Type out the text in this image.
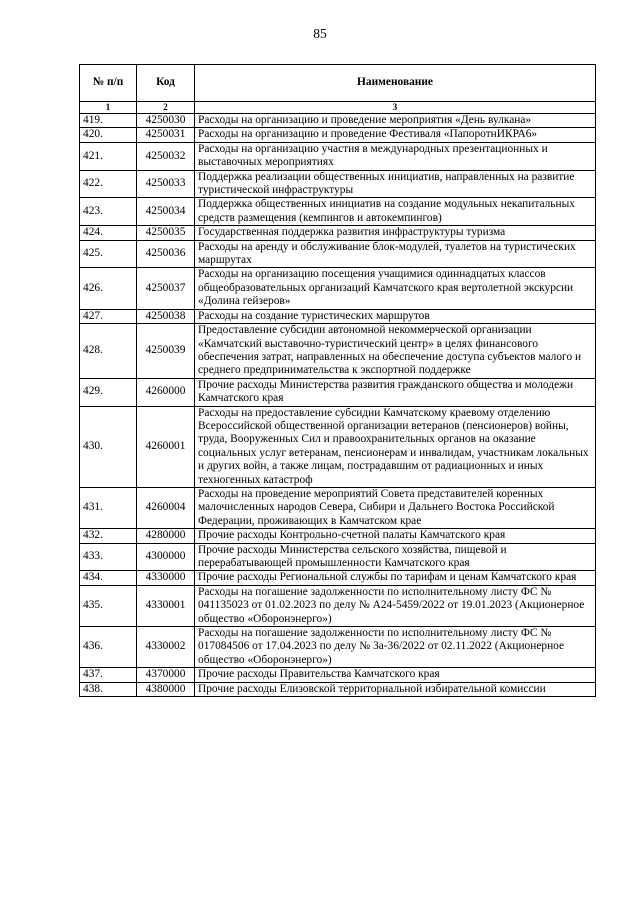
85
№ п/п	Код	Наименование
1	2	3
419.	4250030	Расходы на организацию и проведение мероприятия «День вулкана»
420.	4250031	Расходы на организацию и проведение Фестиваля «ПапоротнИКРА6»
421.	4250032	Расходы на организацию участия в международных презентационных и выставочных мероприятиях
422.	4250033	Поддержка реализации общественных инициатив, направленных на развитие туристической инфраструктуры
423.	4250034	Поддержка общественных инициатив на создание модульных некапитальных средств размещения (кемпингов и автокемпингов)
424.	4250035	Государственная поддержка развития инфраструктуры туризма
425.	4250036	Расходы на аренду и обслуживание блок-модулей, туалетов на туристических маршрутах
426.	4250037	Расходы на организацию посещения учащимися одиннадцатых классов общеобразовательных организаций Камчатского края вертолетной экскурсии «Долина гейзеров»
427.	4250038	Расходы на создание туристических маршрутов
428.	4250039	Предоставление субсидии автономной некоммерческой организации «Камчатский выставочно-туристический центр» в целях финансового обеспечения затрат, направленных на обеспечение доступа субъектов малого и среднего предпринимательства к экспортной поддержке
429.	4260000	Прочие расходы Министерства развития гражданского общества и молодежи Камчатского края
430.	4260001	Расходы на предоставление субсидии Камчатскому краевому отделению Всероссийской общественной организации ветеранов (пенсионеров) войны, труда, Вооруженных Сил и правоохранительных органов на оказание социальных услуг ветеранам, пенсионерам и инвалидам, участникам локальных и других войн, а также лицам, пострадавшим от радиационных и иных техногенных катастроф
431.	4260004	Расходы на проведение мероприятий Совета представителей коренных малочисленных народов Севера, Сибири и Дальнего Востока Российской Федерации, проживающих в Камчатском крае
432.	4280000	Прочие расходы Контрольно-счетной палаты Камчатского края
433.	4300000	Прочие расходы Министерства сельского хозяйства, пищевой и перерабатывающей промышленности Камчатского края
434.	4330000	Прочие расходы Региональной службы по тарифам и ценам Камчатского края
435.	4330001	Расходы на погашение задолженности по исполнительному листу ФС № 041135023 от 01.02.2023 по делу № А24-5459/2022 от 19.01.2023 (Акционерное общество «Оборонэнерго»)
436.	4330002	Расходы на погашение задолженности по исполнительному листу ФС № 017084506 от 17.04.2023 по делу № 3а-36/2022 от 02.11.2022 (Акционерное общество «Оборонэнерго»)
437.	4370000	Прочие расходы Правительства Камчатского края
438.	4380000	Прочие расходы Елизовской территориальной избирательной комиссии
